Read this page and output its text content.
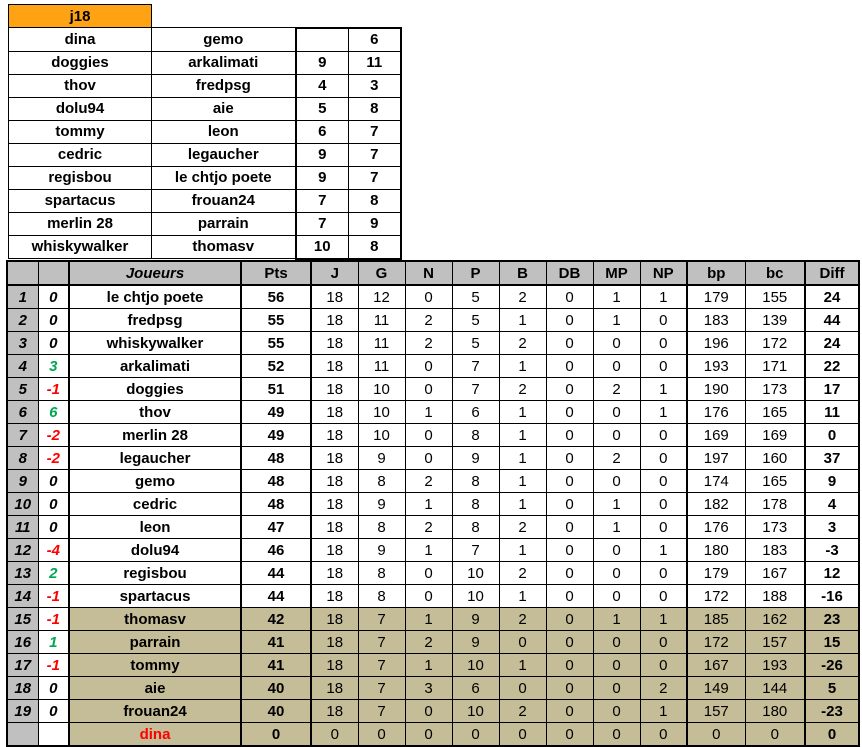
j18			
dina	gemo		6
doggies	arkalimati	9	11
thov	fredpsg	4	3
dolu94	aie	5	8
tommy	leon	6	7
cedric	legaucher	9	7
regisbou	le chtjo poete	9	7
spartacus	frouan24	7	8
merlin 28	parrain	7	9
whiskywalker	thomasv	10	8
		Joueurs	Pts	J	G	N	P	B	DB	MP	NP	bp	bc	Diff
1	0	le chtjo poete	56	18	12	0	5	2	0	1	1	179	155	24
2	0	fredpsg	55	18	11	2	5	1	0	1	0	183	139	44
3	0	whiskywalker	55	18	11	2	5	2	0	0	0	196	172	24
4	3	arkalimati	52	18	11	0	7	1	0	0	0	193	171	22
5	-1	doggies	51	18	10	0	7	2	0	2	1	190	173	17
6	6	thov	49	18	10	1	6	1	0	0	1	176	165	11
7	-2	merlin 28	49	18	10	0	8	1	0	0	0	169	169	0
8	-2	legaucher	48	18	9	0	9	1	0	2	0	197	160	37
9	0	gemo	48	18	8	2	8	1	0	0	0	174	165	9
10	0	cedric	48	18	9	1	8	1	0	1	0	182	178	4
11	0	leon	47	18	8	2	8	2	0	1	0	176	173	3
12	-4	dolu94	46	18	9	1	7	1	0	0	1	180	183	-3
13	2	regisbou	44	18	8	0	10	2	0	0	0	179	167	12
14	-1	spartacus	44	18	8	0	10	1	0	0	0	172	188	-16
15	-1	thomasv	42	18	7	1	9	2	0	1	1	185	162	23
16	1	parrain	41	18	7	2	9	0	0	0	0	172	157	15
17	-1	tommy	41	18	7	1	10	1	0	0	0	167	193	-26
18	0	aie	40	18	7	3	6	0	0	0	2	149	144	5
19	0	frouan24	40	18	7	0	10	2	0	0	1	157	180	-23
		dina	0	0	0	0	0	0	0	0	0	0	0	0
